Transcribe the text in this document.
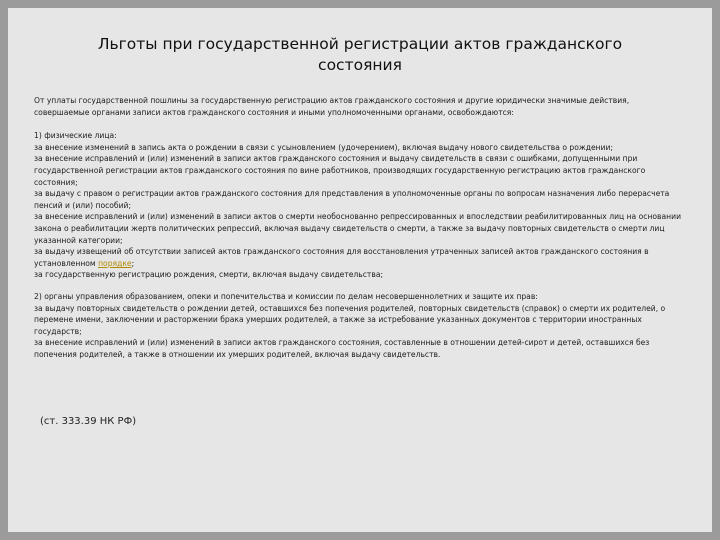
Льготы при государственной регистрации актов гражданского
состояния

От уплаты государственной пошлины за государственную регистрацию актов гражданского состояния и другие юридически значимые действия, совершаемые органами записи актов гражданского состояния и иными уполномоченными органами, освобождаются:

1) физические лица:

за внесение изменений в запись акта о рождении в связи с усыновлением (удочерением), включая выдачу нового свидетельства о рождении;

за внесение исправлений и (или) изменений в записи актов гражданского состояния и выдачу свидетельств в связи с ошибками, допущенными при государственной регистрации актов гражданского состояния по вине работников, производящих государственную регистрацию актов гражданского состояния;

за выдачу с правом о регистрации актов гражданского состояния для представления в уполномоченные органы по вопросам назначения либо перерасчета пенсий и (или) пособий;

за внесение исправлений и (или) изменений в записи актов о смерти необоснованно репрессированных и впоследствии реабилитированных лиц на основании закона о реабилитации жертв политических репрессий, включая выдачу свидетельств о смерти, а также за выдачу повторных свидетельств о смерти лиц указанной категории;

за выдачу извещений об отсутствии записей актов гражданского состояния для восстановления утраченных записей актов гражданского состояния в установленном порядке;

за государственную регистрацию рождения, смерти, включая выдачу свидетельства;

2) органы управления образованием, опеки и попечительства и комиссии по делам несовершеннолетних и защите их прав:

за выдачу повторных свидетельств о рождении детей, оставшихся без попечения родителей, повторных свидетельств (справок) о смерти их родителей, о перемене имени, заключении и расторжении брака умерших родителей, а также за истребование указанных документов с территории иностранных государств;

за внесение исправлений и (или) изменений в записи актов гражданского состояния, составленные в отношении детей-сирот и детей, оставшихся без попечения родителей, а также в отношении их умерших родителей, включая выдачу свидетельств.

(ст. 333.39 НК РФ)
